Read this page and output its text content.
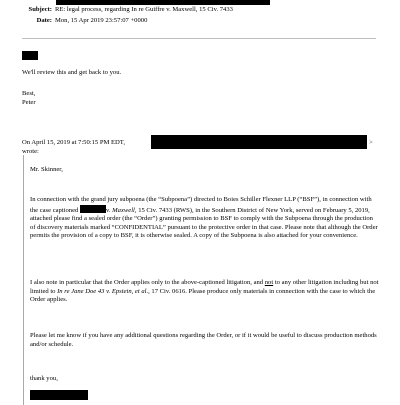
Subject: RE: legal process, regarding In re Guiffre v. Maxwell, 15 Civ. 7433
Date: Mon, 15 Apr 2019 23:57:07 +0000
We'll review this and get back to you.
Best,
Peter
On April 15, 2019 at 7:50:15 PM EDT,	>
wrote:
Mr. Skinner,
In connection with the grand jury subpoena (the “Subpoena”) directed to Boies Schiller Flexner LLP (“BSF”), in connection with the case captioned	v. Maxwell, 15 Civ. 7433 (RWS), in the Southern District of New York, served on February 5, 2019, attached please find a sealed order (the “Order”) granting permission to BSF to comply with the Subpoena through the production of discovery materials marked “CONFIDENTIAL” pursuant to the protective order in that case. Please note that although the Order permits the provision of a copy to BSF, it is otherwise sealed. A copy of the Subpoena is also attached for your convenience.
I also note in particular that the Order applies only to the above-captioned litigation, and not to any other litigation including but not limited to In re Jane Doe 43 v. Epstein, et al., 17 Civ. 0616. Please produce only materials in connection with the case to which the Order applies.
Please let me know if you have any additional questions regarding the Order, or if it would be useful to discuss production methods and/or schedule.
thank you,
